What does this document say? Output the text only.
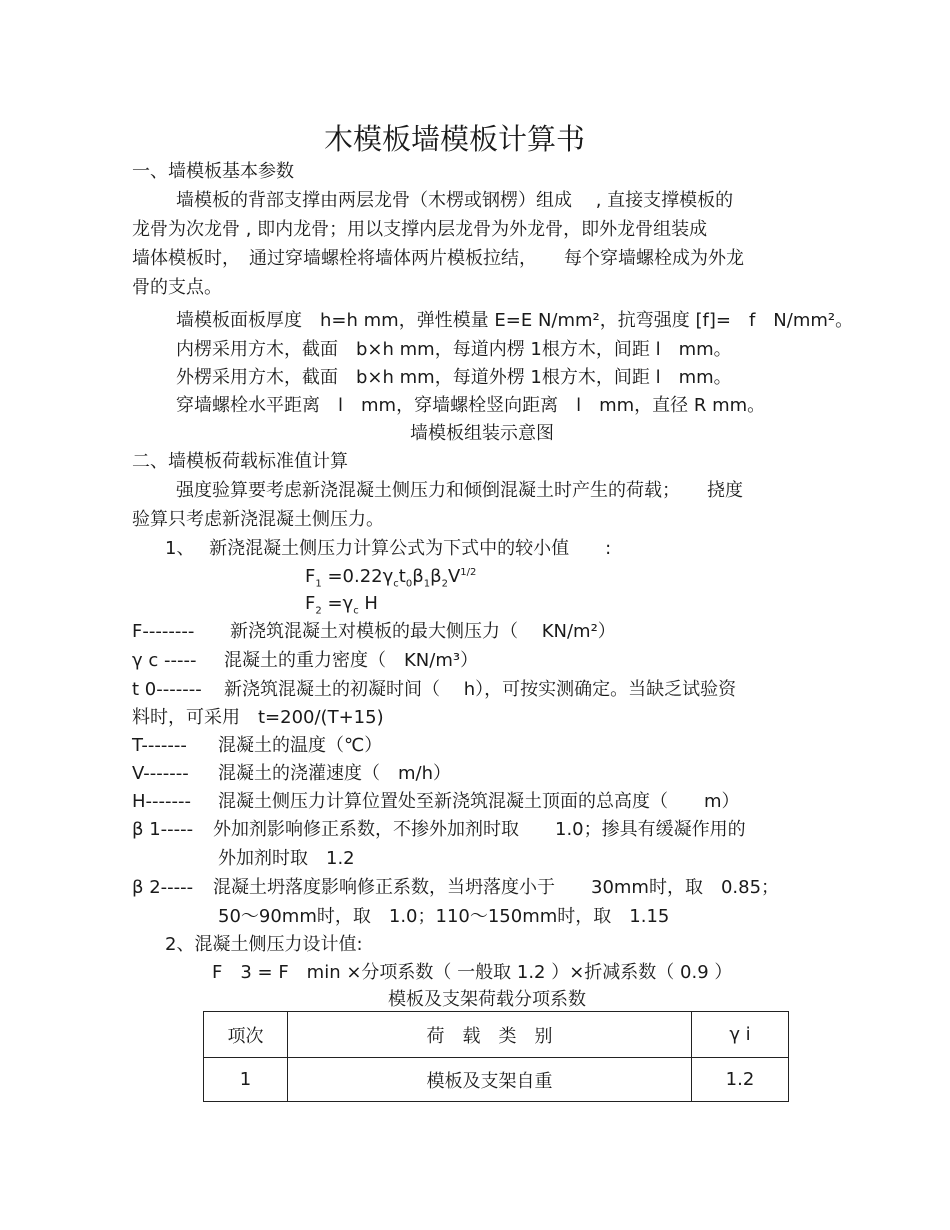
木模板墙模板计算书
一、墙模板基本参数
墙模板的背部支撑由两层龙骨（木楞或钢楞）组成　 , 直接支撑模板的
龙骨为次龙骨 , 即内龙骨；用以支撑内层龙骨为外龙骨，即外龙骨组装成
墙体模板时，　通过穿墙螺栓将墙体两片模板拉结，　　每个穿墙螺栓成为外龙
骨的支点。
墙模板面板厚度　h=h mm，弹性模量 E=E N/mm²，抗弯强度 [f]=　f　N/mm²。
内楞采用方木，截面　b×h mm，每道内楞 1根方木，间距 l　mm。
外楞采用方木，截面　b×h mm，每道外楞 1根方木，间距 l　mm。
穿墙螺栓水平距离　l　mm，穿墙螺栓竖向距离　l　mm，直径 R mm。
墙模板组装示意图
二、墙模板荷载标准值计算
强度验算要考虑新浇混凝土侧压力和倾倒混凝土时产生的荷载；　　挠度
验算只考虑新浇混凝土侧压力。
1、　 新浇混凝土侧压力计算公式为下式中的较小值　　:
$F_1 =0.22\gamma_ct_0\beta_1\beta_2V^{1/2}$
$F_2 =\gamma_c$ H
F-------- 新浇筑混凝土对模板的最大侧压力（　 KN/m²）
γ c ----- 混凝土的重力密度（　KN/m³）
t 0------- 新浇筑混凝土的初凝时间（　 h），可按实测确定。当缺乏试验资
料时，可采用　t=200/(T+15)
T------- 混凝土的温度（℃）
V------- 混凝土的浇灌速度（　m/h）
H------- 混凝土侧压力计算位置处至新浇筑混凝土顶面的总高度（　　m）
β 1----- 外加剂影响修正系数，不掺外加剂时取　　1.0；掺具有缓凝作用的
外加剂时取　1.2
β 2----- 混凝土坍落度影响修正系数，当坍落度小于　　30mm时，取　0.85；
50～90mm时，取　1.0；110～150mm时，取　1.15
2、混凝土侧压力设计值:
F　3 = F　min ×分项系数（ 一般取 1.2 ）×折减系数（ 0.9 ）
模板及支架荷载分项系数
项次	荷　载　类　别	γ i
1	模板及支架自重	1.2
